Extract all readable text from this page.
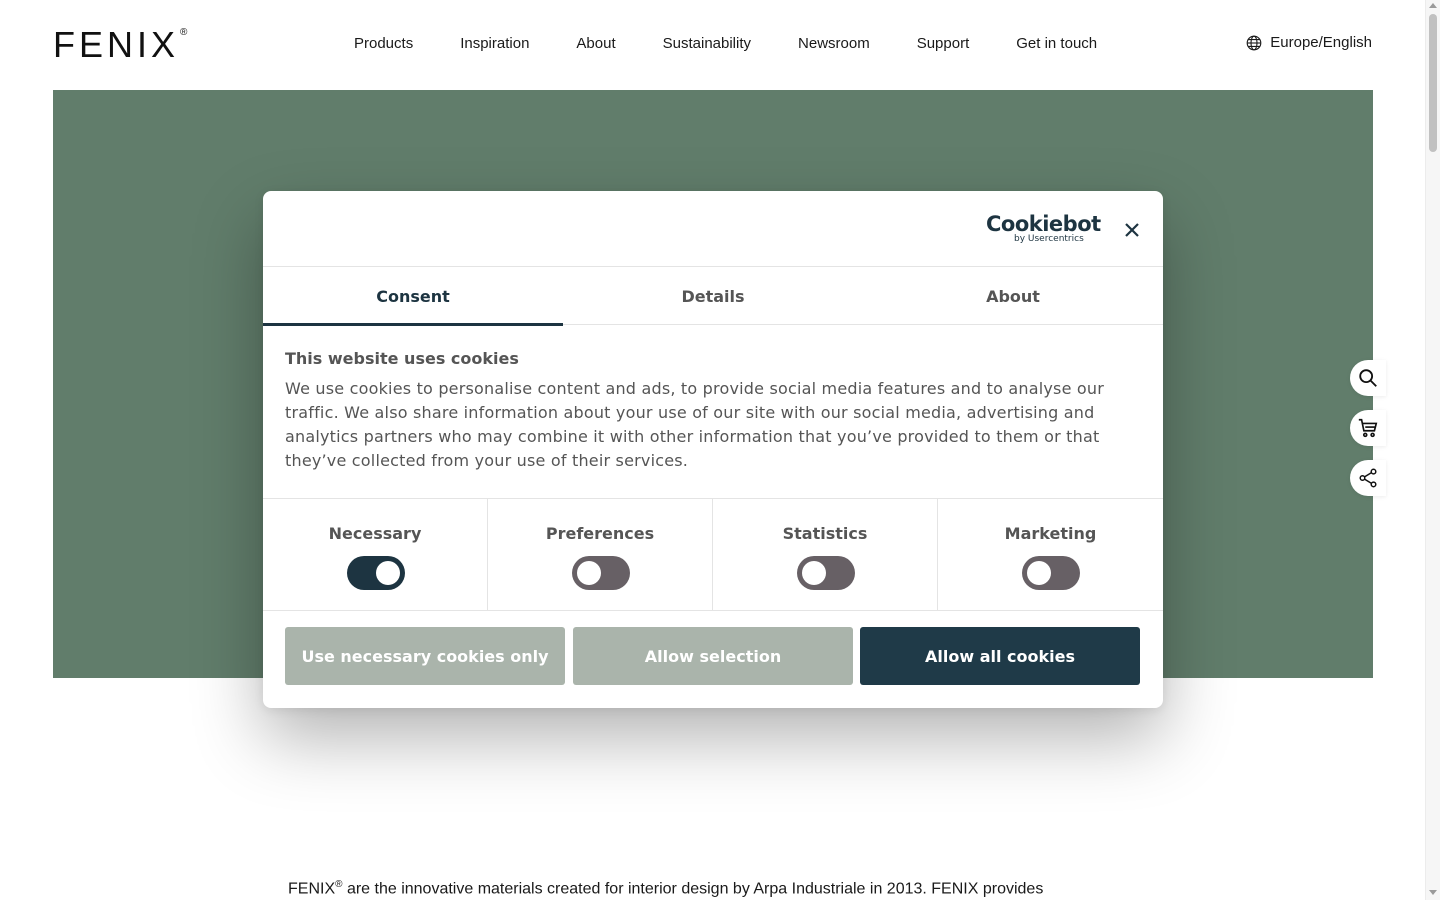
FENIX ®
Products	Inspiration	About	Sustainability	Newsroom	Support	Get in touch	Europe/English

FENIX® are the innovative materials created for interior design by Arpa Industriale in 2013. FENIX provides

Cookiebot
by Usercentrics
Consent	Details	About
This website uses cookies

We use cookies to personalise content and ads, to provide social media features and to analyse our traffic. We also share information about your use of our site with our social media, advertising and analytics partners who may combine it with other information that you’ve provided to them or that they’ve collected from your use of their services.

Necessary	Preferences	Statistics	Marketing
Use necessary cookies only	Allow selection	Allow all cookies
